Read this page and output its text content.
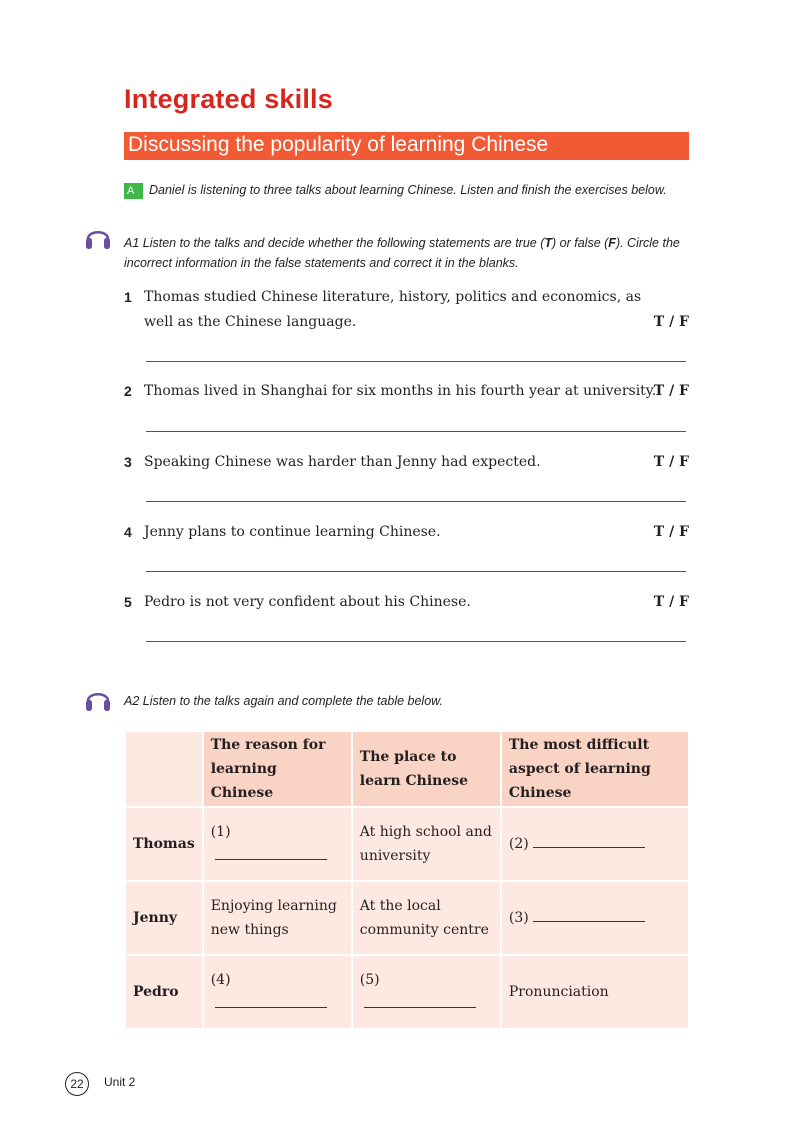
Integrated skills
Discussing the popularity of learning Chinese
A Daniel is listening to three talks about learning Chinese. Listen and finish the exercises below.
A1 Listen to the talks and decide whether the following statements are true (T) or false (F). Circle the incorrect information in the false statements and correct it in the blanks.
1 Thomas studied Chinese literature, history, politics and economics, as well as the Chinese language.	T / F
2 Thomas lived in Shanghai for six months in his fourth year at university.
T / F
3 Speaking Chinese was harder than Jenny had expected.	T / F
4 Jenny plans to continue learning Chinese.	T / F
5 Pedro is not very confident about his Chinese.	T / F
A2 Listen to the talks again and complete the table below.
	The reason for learning Chinese	The place to learn Chinese	The most difficult aspect of learning Chinese
Thomas	(1)	At high school and university	(2)
Jenny	Enjoying learning new things	At the local community centre	(3)
Pedro	(4)	(5)	Pronunciation
22	Unit 2
